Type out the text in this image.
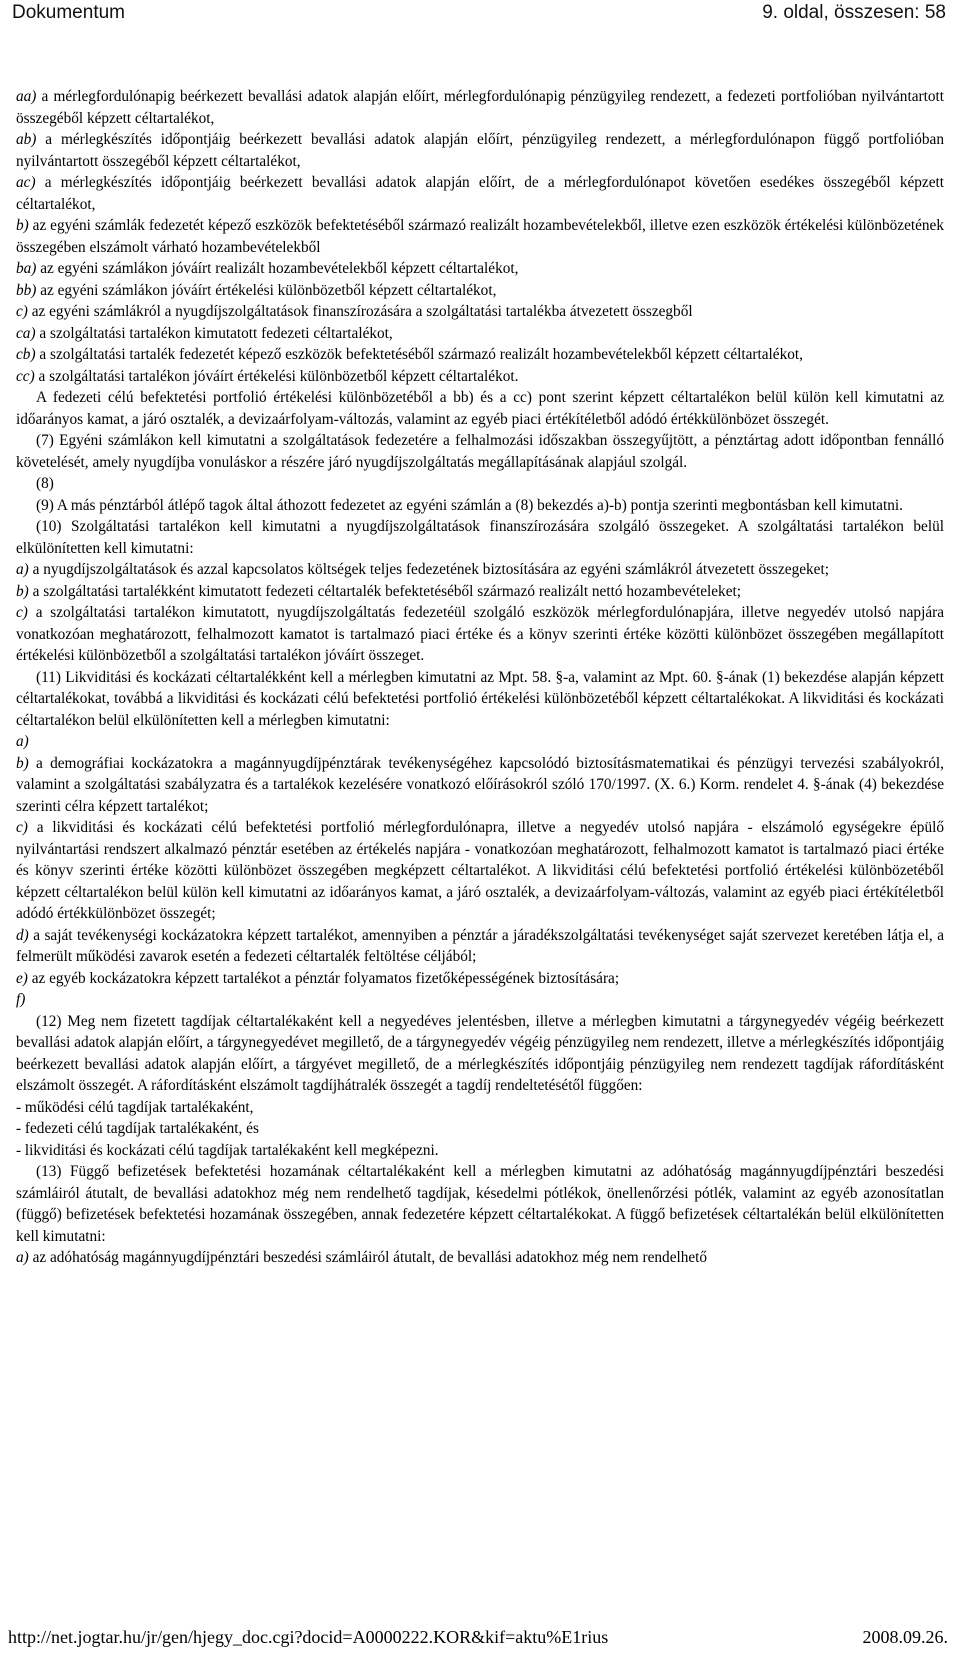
Dokumentum	9. oldal, összesen: 58

aa) a mérlegfordulónapig beérkezett bevallási adatok alapján előírt, mérlegfordulónapig pénzügyileg rendezett, a fedezeti portfolióban nyilvántartott összegéből képzett céltartalékot,

ab) a mérlegkészítés időpontjáig beérkezett bevallási adatok alapján előírt, pénzügyileg rendezett, a mérlegfordulónapon függő portfolióban nyilvántartott összegéből képzett céltartalékot,

ac) a mérlegkészítés időpontjáig beérkezett bevallási adatok alapján előírt, de a mérlegfordulónapot követően esedékes összegéből képzett céltartalékot,

b) az egyéni számlák fedezetét képező eszközök befektetéséből származó realizált hozambevételekből, illetve ezen eszközök értékelési különbözetének összegében elszámolt várható hozambevételekből

ba) az egyéni számlákon jóváírt realizált hozambevételekből képzett céltartalékot,

bb) az egyéni számlákon jóváírt értékelési különbözetből képzett céltartalékot,

c) az egyéni számlákról a nyugdíjszolgáltatások finanszírozására a szolgáltatási tartalékba átvezetett összegből

ca) a szolgáltatási tartalékon kimutatott fedezeti céltartalékot,

cb) a szolgáltatási tartalék fedezetét képező eszközök befektetéséből származó realizált hozambevételekből képzett céltartalékot,

cc) a szolgáltatási tartalékon jóváírt értékelési különbözetből képzett céltartalékot.

A fedezeti célú befektetési portfolió értékelési különbözetéből a bb) és a cc) pont szerint képzett céltartalékon belül külön kell kimutatni az időarányos kamat, a járó osztalék, a devizaárfolyam-változás, valamint az egyéb piaci értékítéletből adódó értékkülönbözet összegét.

(7) Egyéni számlákon kell kimutatni a szolgáltatások fedezetére a felhalmozási időszakban összegyűjtött, a pénztártag adott időpontban fennálló követelését, amely nyugdíjba vonuláskor a részére járó nyugdíjszolgáltatás megállapításának alapjául szolgál.

(8)

(9) A más pénztárból átlépő tagok által áthozott fedezetet az egyéni számlán a (8) bekezdés a)-b) pontja szerinti megbontásban kell kimutatni.

(10) Szolgáltatási tartalékon kell kimutatni a nyugdíjszolgáltatások finanszírozására szolgáló összegeket. A szolgáltatási tartalékon belül elkülönítetten kell kimutatni:

a) a nyugdíjszolgáltatások és azzal kapcsolatos költségek teljes fedezetének biztosítására az egyéni számlákról átvezetett összegeket;

b) a szolgáltatási tartalékként kimutatott fedezeti céltartalék befektetéséből származó realizált nettó hozambevételeket;

c) a szolgáltatási tartalékon kimutatott, nyugdíjszolgáltatás fedezetéül szolgáló eszközök mérlegfordulónapjára, illetve negyedév utolsó napjára vonatkozóan meghatározott, felhalmozott kamatot is tartalmazó piaci értéke és a könyv szerinti értéke közötti különbözet összegében megállapított értékelési különbözetből a szolgáltatási tartalékon jóváírt összeget.

(11) Likviditási és kockázati céltartalékként kell a mérlegben kimutatni az Mpt. 58. §-a, valamint az Mpt. 60. §-ának (1) bekezdése alapján képzett céltartalékokat, továbbá a likviditási és kockázati célú befektetési portfolió értékelési különbözetéből képzett céltartalékokat. A likviditási és kockázati céltartalékon belül elkülönítetten kell a mérlegben kimutatni:

a)

b) a demográfiai kockázatokra a magánnyugdíjpénztárak tevékenységéhez kapcsolódó biztosításmatematikai és pénzügyi tervezési szabályokról, valamint a szolgáltatási szabályzatra és a tartalékok kezelésére vonatkozó előírásokról szóló 170/1997. (X. 6.) Korm. rendelet 4. §-ának (4) bekezdése szerinti célra képzett tartalékot;

c) a likviditási és kockázati célú befektetési portfolió mérlegfordulónapra, illetve a negyedév utolsó napjára - elszámoló egységekre épülő nyilvántartási rendszert alkalmazó pénztár esetében az értékelés napjára - vonatkozóan meghatározott, felhalmozott kamatot is tartalmazó piaci értéke és könyv szerinti értéke közötti különbözet összegében megképzett céltartalékot. A likviditási célú befektetési portfolió értékelési különbözetéből képzett céltartalékon belül külön kell kimutatni az időarányos kamat, a járó osztalék, a devizaárfolyam-változás, valamint az egyéb piaci értékítéletből adódó értékkülönbözet összegét;

d) a saját tevékenységi kockázatokra képzett tartalékot, amennyiben a pénztár a járadékszolgáltatási tevékenységet saját szervezet keretében látja el, a felmerült működési zavarok esetén a fedezeti céltartalék feltöltése céljából;

e) az egyéb kockázatokra képzett tartalékot a pénztár folyamatos fizetőképességének biztosítására;

f)

(12) Meg nem fizetett tagdíjak céltartalékaként kell a negyedéves jelentésben, illetve a mérlegben kimutatni a tárgynegyedév végéig beérkezett bevallási adatok alapján előírt, a tárgynegyedévet megillető, de a tárgynegyedév végéig pénzügyileg nem rendezett, illetve a mérlegkészítés időpontjáig beérkezett bevallási adatok alapján előírt, a tárgyévet megillető, de a mérlegkészítés időpontjáig pénzügyileg nem rendezett tagdíjak ráfordításként elszámolt összegét. A ráfordításként elszámolt tagdíjhátralék összegét a tagdíj rendeltetésétől függően:

- működési célú tagdíjak tartalékaként,

- fedezeti célú tagdíjak tartalékaként, és

- likviditási és kockázati célú tagdíjak tartalékaként kell megképezni.

(13) Függő befizetések befektetési hozamának céltartalékaként kell a mérlegben kimutatni az adóhatóság magánnyugdíjpénztári beszedési számláiról átutalt, de bevallási adatokhoz még nem rendelhető tagdíjak, késedelmi pótlékok, önellenőrzési pótlék, valamint az egyéb azonosítatlan (függő) befizetések befektetési hozamának összegében, annak fedezetére képzett céltartalékokat. A függő befizetések céltartalékán belül elkülönítetten kell kimutatni:

a) az adóhatóság magánnyugdíjpénztári beszedési számláiról átutalt, de bevallási adatokhoz még nem rendelhető

http://net.jogtar.hu/jr/gen/hjegy_doc.cgi?docid=A0000222.KOR&kif=aktu%E1rius	2008.09.26.
